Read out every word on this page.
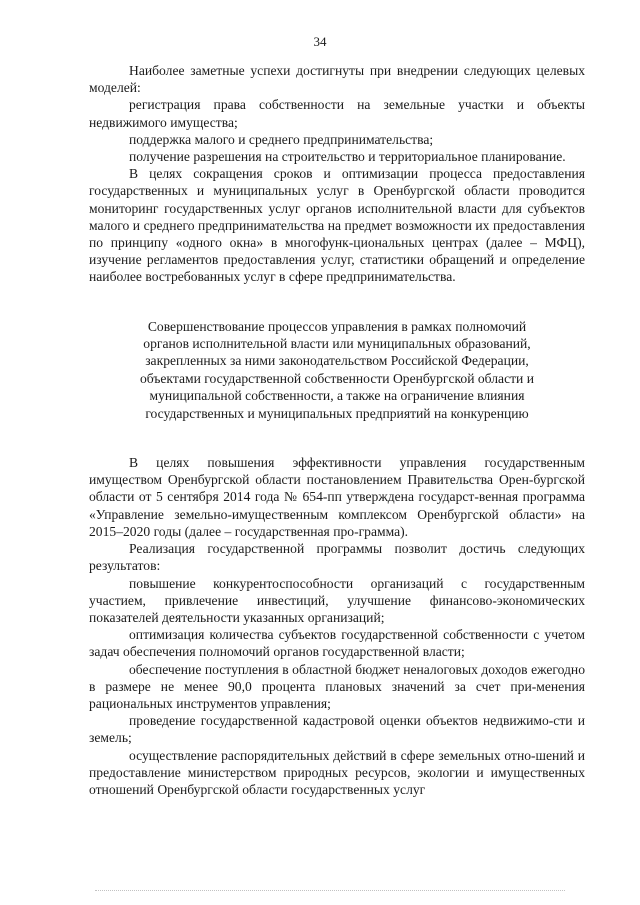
34

Наиболее заметные успехи достигнуты при внедрении следующих целевых моделей:

регистрация права собственности на земельные участки и объекты недвижимого имущества;

поддержка малого и среднего предпринимательства;

получение разрешения на строительство и территориальное планирование.

В целях сокращения сроков и оптимизации процесса предоставления государственных и муниципальных услуг в Оренбургской области проводится мониторинг государственных услуг органов исполнительной власти для субъектов малого и среднего предпринимательства на предмет возможности их предоставления по принципу «одного окна» в многофунк-циональных центрах (далее – МФЦ), изучение регламентов предоставления услуг, статистики обращений и определение наиболее востребованных услуг в сфере предпринимательства.

Совершенствование процессов управления в рамках полномочий
органов исполнительной власти или муниципальных образований,
закрепленных за ними законодательством Российской Федерации,
объектами государственной собственности Оренбургской области и
муниципальной собственности, а также на ограничение влияния
государственных и муниципальных предприятий на конкуренцию

В целях повышения эффективности управления государственным имуществом Оренбургской области постановлением Правительства Орен-бургской области от 5 сентября 2014 года № 654-пп утверждена государст-венная программа «Управление земельно-имущественным комплексом Оренбургской области» на 2015–2020 годы (далее – государственная про-грамма).

Реализация государственной программы позволит достичь следующих результатов:

повышение конкурентоспособности организаций с государственным участием, привлечение инвестиций, улучшение финансово-экономических показателей деятельности указанных организаций;

оптимизация количества субъектов государственной собственности с учетом задач обеспечения полномочий органов государственной власти;

обеспечение поступления в областной бюджет неналоговых доходов ежегодно в размере не менее 90,0 процента плановых значений за счет при-менения рациональных инструментов управления;

проведение государственной кадастровой оценки объектов недвижимо-сти и земель;

осуществление распорядительных действий в сфере земельных отно-шений и предоставление министерством природных ресурсов, экологии и имущественных отношений Оренбургской области государственных услуг
